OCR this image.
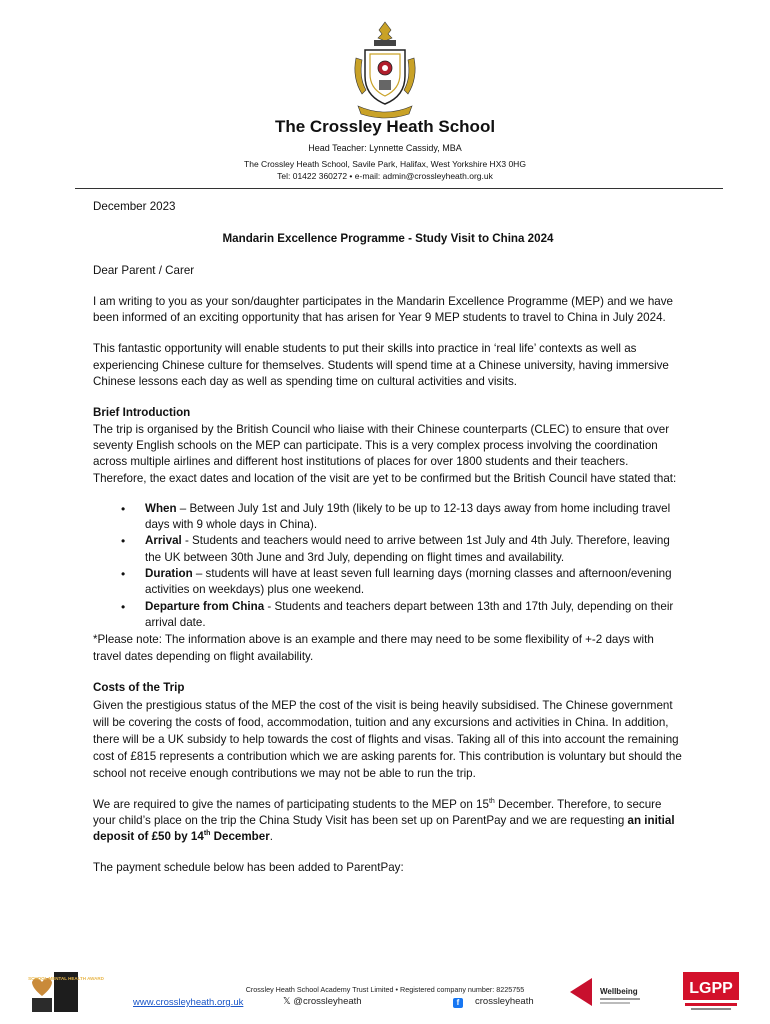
The Crossley Heath School
Head Teacher: Lynnette Cassidy, MBA
The Crossley Heath School, Savile Park, Halifax, West Yorkshire HX3 0HG
Tel: 01422 360272 • e-mail: admin@crossleyheath.org.uk

December 2023

Mandarin Excellence Programme - Study Visit to China 2024

Dear Parent / Carer

I am writing to you as your son/daughter participates in the Mandarin Excellence Programme (MEP) and we have been informed of an exciting opportunity that has arisen for Year 9 MEP students to travel to China in July 2024.

This fantastic opportunity will enable students to put their skills into practice in ‘real life’ contexts as well as experiencing Chinese culture for themselves. Students will spend time at a Chinese university, having immersive Chinese lessons each day as well as spending time on cultural activities and visits.

Brief Introduction

The trip is organised by the British Council who liaise with their Chinese counterparts (CLEC) to ensure that over seventy English schools on the MEP can participate. This is a very complex process involving the coordination across multiple airlines and different host institutions of places for over 1800 students and their teachers. Therefore, the exact dates and location of the visit are yet to be confirmed but the British Council have stated that:

• When – Between July 1st and July 19th (likely to be up to 12-13 days away from home including travel days with 9 whole days in China).
• Arrival - Students and teachers would need to arrive between 1st July and 4th July. Therefore, leaving the UK between 30th June and 3rd July, depending on flight times and availability.
• Duration – students will have at least seven full learning days (morning classes and afternoon/evening activities on weekdays) plus one weekend.
• Departure from China - Students and teachers depart between 13th and 17th July, depending on their arrival date.

*Please note: The information above is an example and there may need to be some flexibility of +-2 days with travel dates depending on flight availability.

Costs of the Trip

Given the prestigious status of the MEP the cost of the visit is being heavily subsidised. The Chinese government will be covering the costs of food, accommodation, tuition and any excursions and activities in China. In addition, there will be a UK subsidy to help towards the cost of flights and visas. Taking all of this into account the remaining cost of £815 represents a contribution which we are asking parents for. This contribution is voluntary but should the school not receive enough contributions we may not be able to run the trip.

We are required to give the names of participating students to the MEP on 15th December. Therefore, to secure your child’s place on the trip the China Study Visit has been set up on ParentPay and we are requesting an initial deposit of £50 by 14th December.

The payment schedule below has been added to ParentPay:

SCHOOL MENTAL HEALTH AWARD
Crossley Heath School Academy Trust Limited • Registered company number: 8225755
www.crossleyheath.org.uk	𝕏 @crossleyheath	f crossleyheath
Wellbeing	LGPP
